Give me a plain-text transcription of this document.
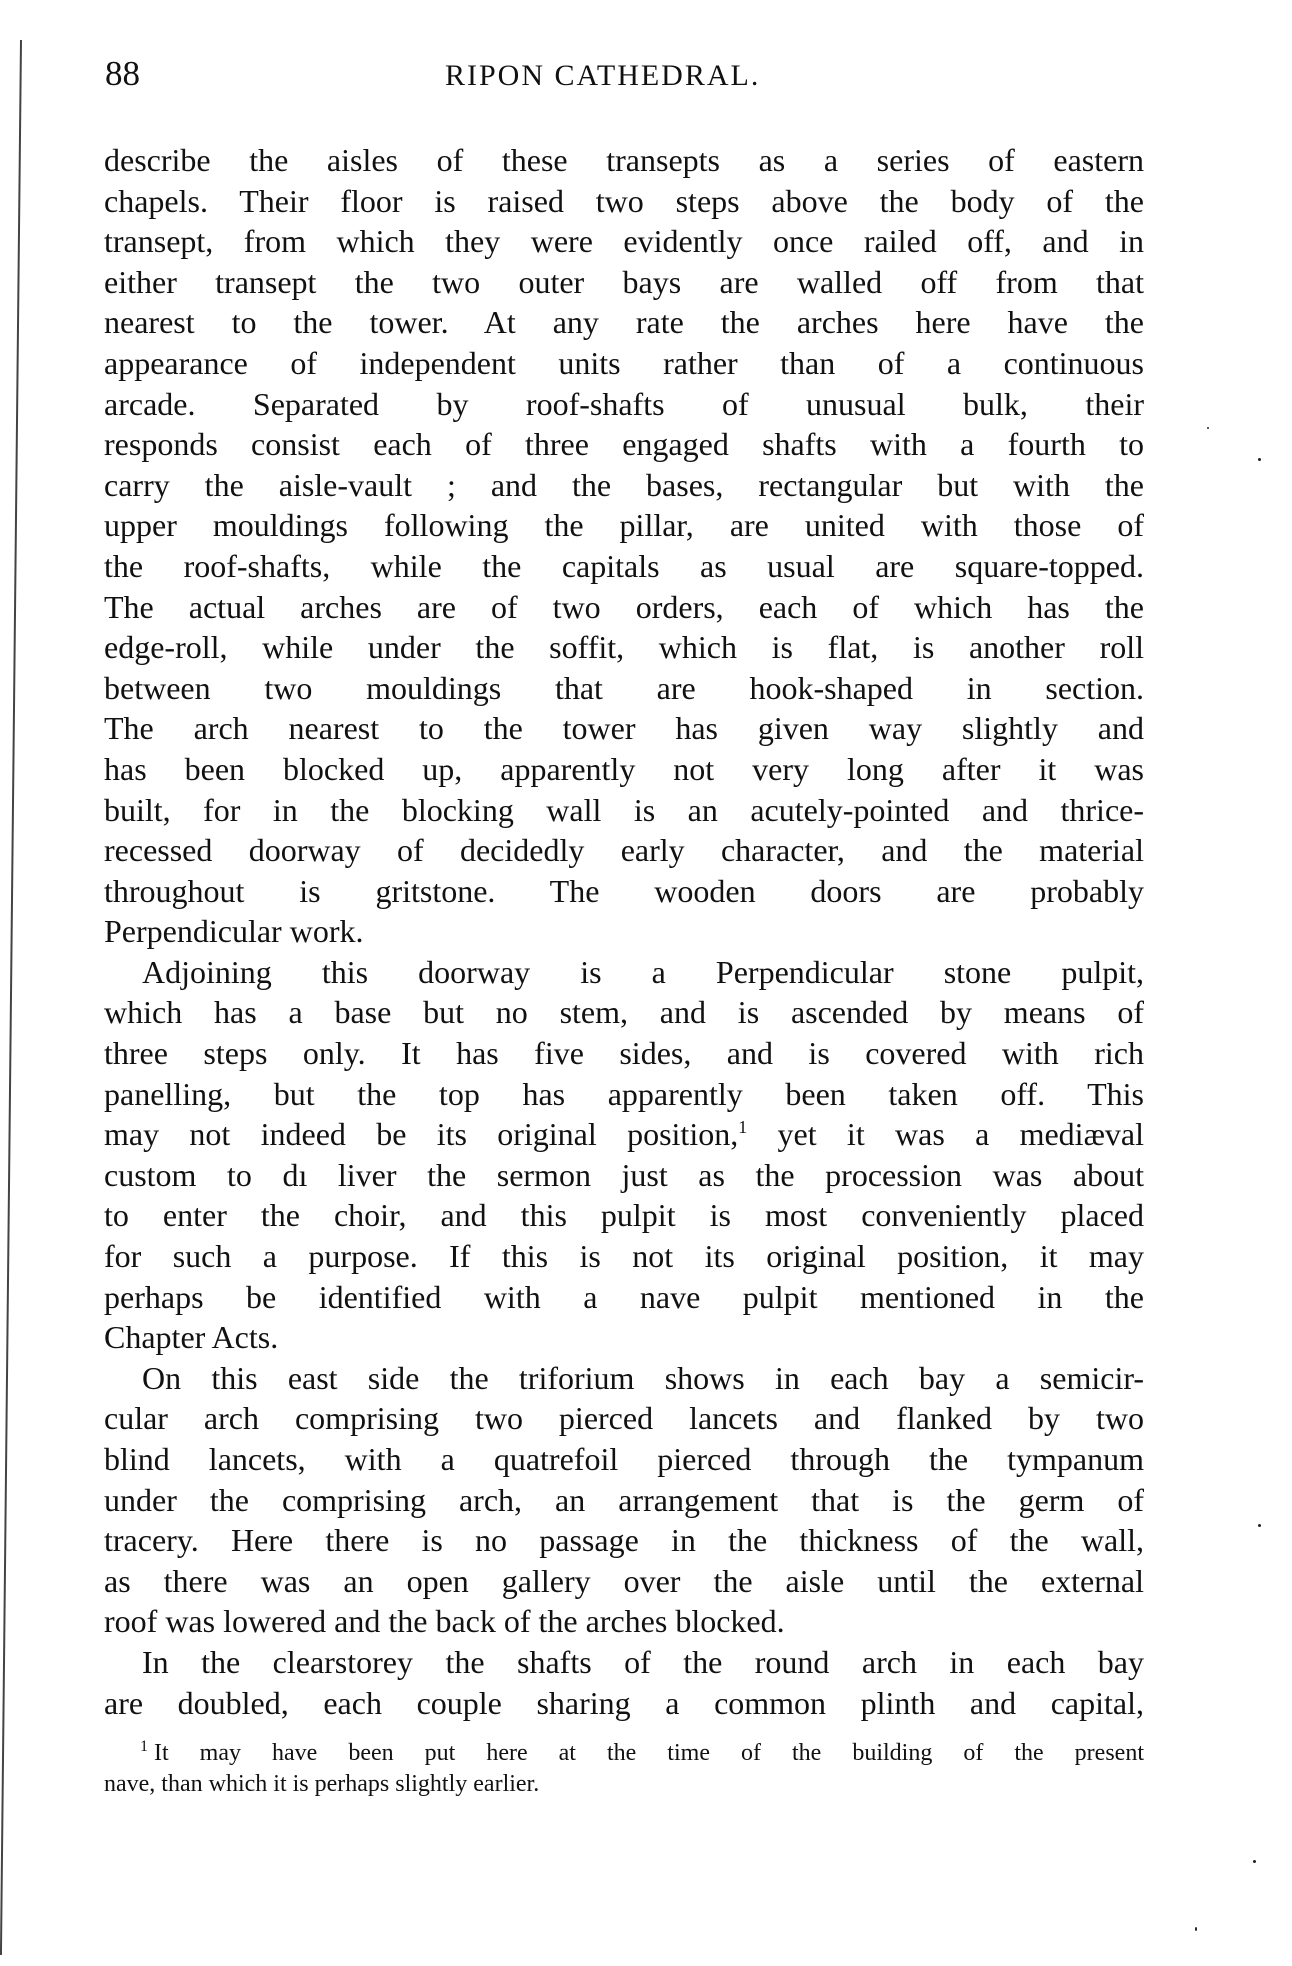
88	RIPON CATHEDRAL.
describe the aisles of these transepts as a series of eastern
chapels. Their floor is raised two steps above the body of the
transept, from which they were evidently once railed off, and in
either transept the two outer bays are walled off from that
nearest to the tower. At any rate the arches here have the
appearance of independent units rather than of a continuous
arcade. Separated by roof-shafts of unusual bulk, their
responds consist each of three engaged shafts with a fourth to
carry the aisle-vault ; and the bases, rectangular but with the
upper mouldings following the pillar, are united with those of
the roof-shafts, while the capitals as usual are square-topped.
The actual arches are of two orders, each of which has the
edge-roll, while under the soffit, which is flat, is another roll
between two mouldings that are hook-shaped in section.
The arch nearest to the tower has given way slightly and
has been blocked up, apparently not very long after it was
built, for in the blocking wall is an acutely-pointed and thrice-
recessed doorway of decidedly early character, and the material
throughout is gritstone. The wooden doors are probably
Perpendicular work.
Adjoining this doorway is a Perpendicular stone pulpit,
which has a base but no stem, and is ascended by means of
three steps only. It has five sides, and is covered with rich
panelling, but the top has apparently been taken off. This
may not indeed be its original position,$^1$ yet it was a mediæval
custom to dı liver the sermon just as the procession was about
to enter the choir, and this pulpit is most conveniently placed
for such a purpose. If this is not its original position, it may
perhaps be identified with a nave pulpit mentioned in the
Chapter Acts.
On this east side the triforium shows in each bay a semicir-
cular arch comprising two pierced lancets and flanked by two
blind lancets, with a quatrefoil pierced through the tympanum
under the comprising arch, an arrangement that is the germ of
tracery. Here there is no passage in the thickness of the wall,
as there was an open gallery over the aisle until the external
roof was lowered and the back of the arches blocked.
In the clearstorey the shafts of the round arch in each bay
are doubled, each couple sharing a common plinth and capital,
$^1$ It may have been put here at the time of the building of the present
nave, than which it is perhaps slightly earlier.
